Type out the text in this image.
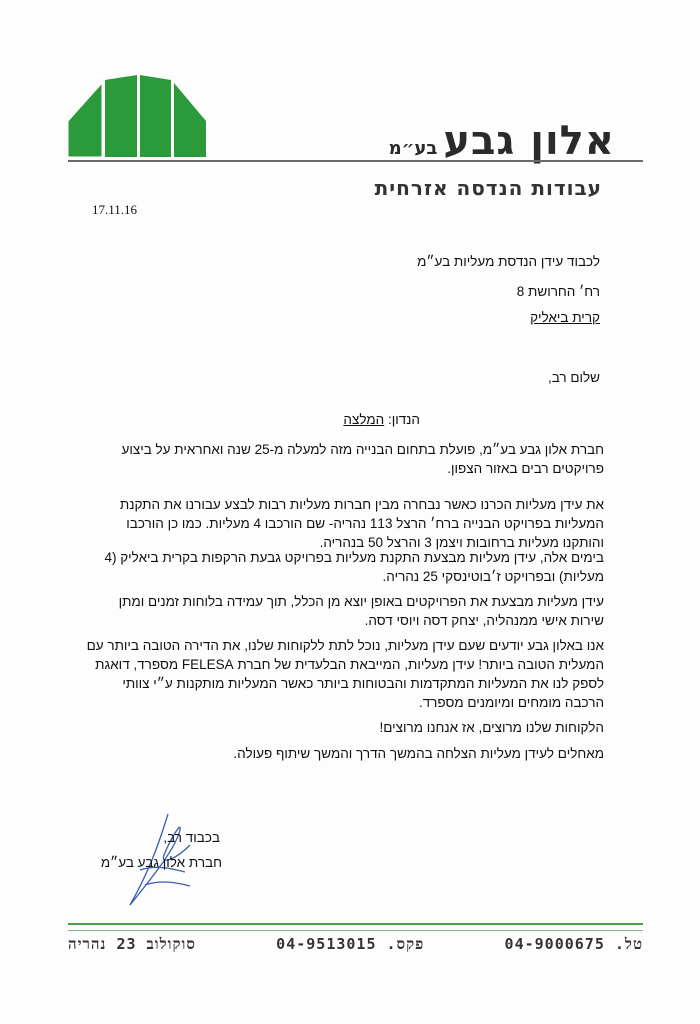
אלון גבעבע״מ
עבודות הנדסה אזרחית
17.11.16
לכבוד עידן הנדסת מעליות בע״מ
רח׳ החרושת 8
קרית ביאליק
שלום רב,
הנדון: המלצה
חברת אלון גבע בע״מ, פועלת בתחום הבנייה מזה למעלה מ-25 שנה ואחראית על ביצוע פרויקטים רבים באזור הצפון.
את עידן מעליות הכרנו כאשר נבחרה מבין חברות מעליות רבות לבצע עבורנו את התקנת המעליות בפרויקט הבנייה ברח׳ הרצל 113 נהריה- שם הורכבו 4 מעליות. כמו כן הורכבו והותקנו מעליות ברחובות ויצמן 3 והרצל 50 בנהריה.
בימים אלה, עידן מעליות מבצעת התקנת מעליות בפרויקט גבעת הרקפות בקרית ביאליק (4 מעליות) ובפרויקט ז׳בוטינסקי 25 נהריה.
עידן מעליות מבצעת את הפרויקטים באופן יוצא מן הכלל, תוך עמידה בלוחות זמנים ומתן שירות אישי ממנהליה, יצחק דסה ויוסי דסה.
אנו באלון גבע יודעים שעם עידן מעליות, נוכל לתת ללקוחות שלנו, את הדירה הטובה ביותר עם המעלית הטובה ביותר! עידן מעליות, המייבאת הבלעדית של חברת FELESA מספרד, דואגת לספק לנו את המעליות המתקדמות והבטוחות ביותר כאשר המעליות מותקנות ע״י צוותי הרכבה מומחים ומיומנים מספרד.
הלקוחות שלנו מרוצים, אז אנחנו מרוצים!
מאחלים לעידן מעליות הצלחה בהמשך הדרך והמשך שיתוף פעולה.
בכבוד רב,
חברת אלון גבע בע״מ
טל. 04-9000675
פקס. 04-9513015
סוקולוב 23 נהריה
